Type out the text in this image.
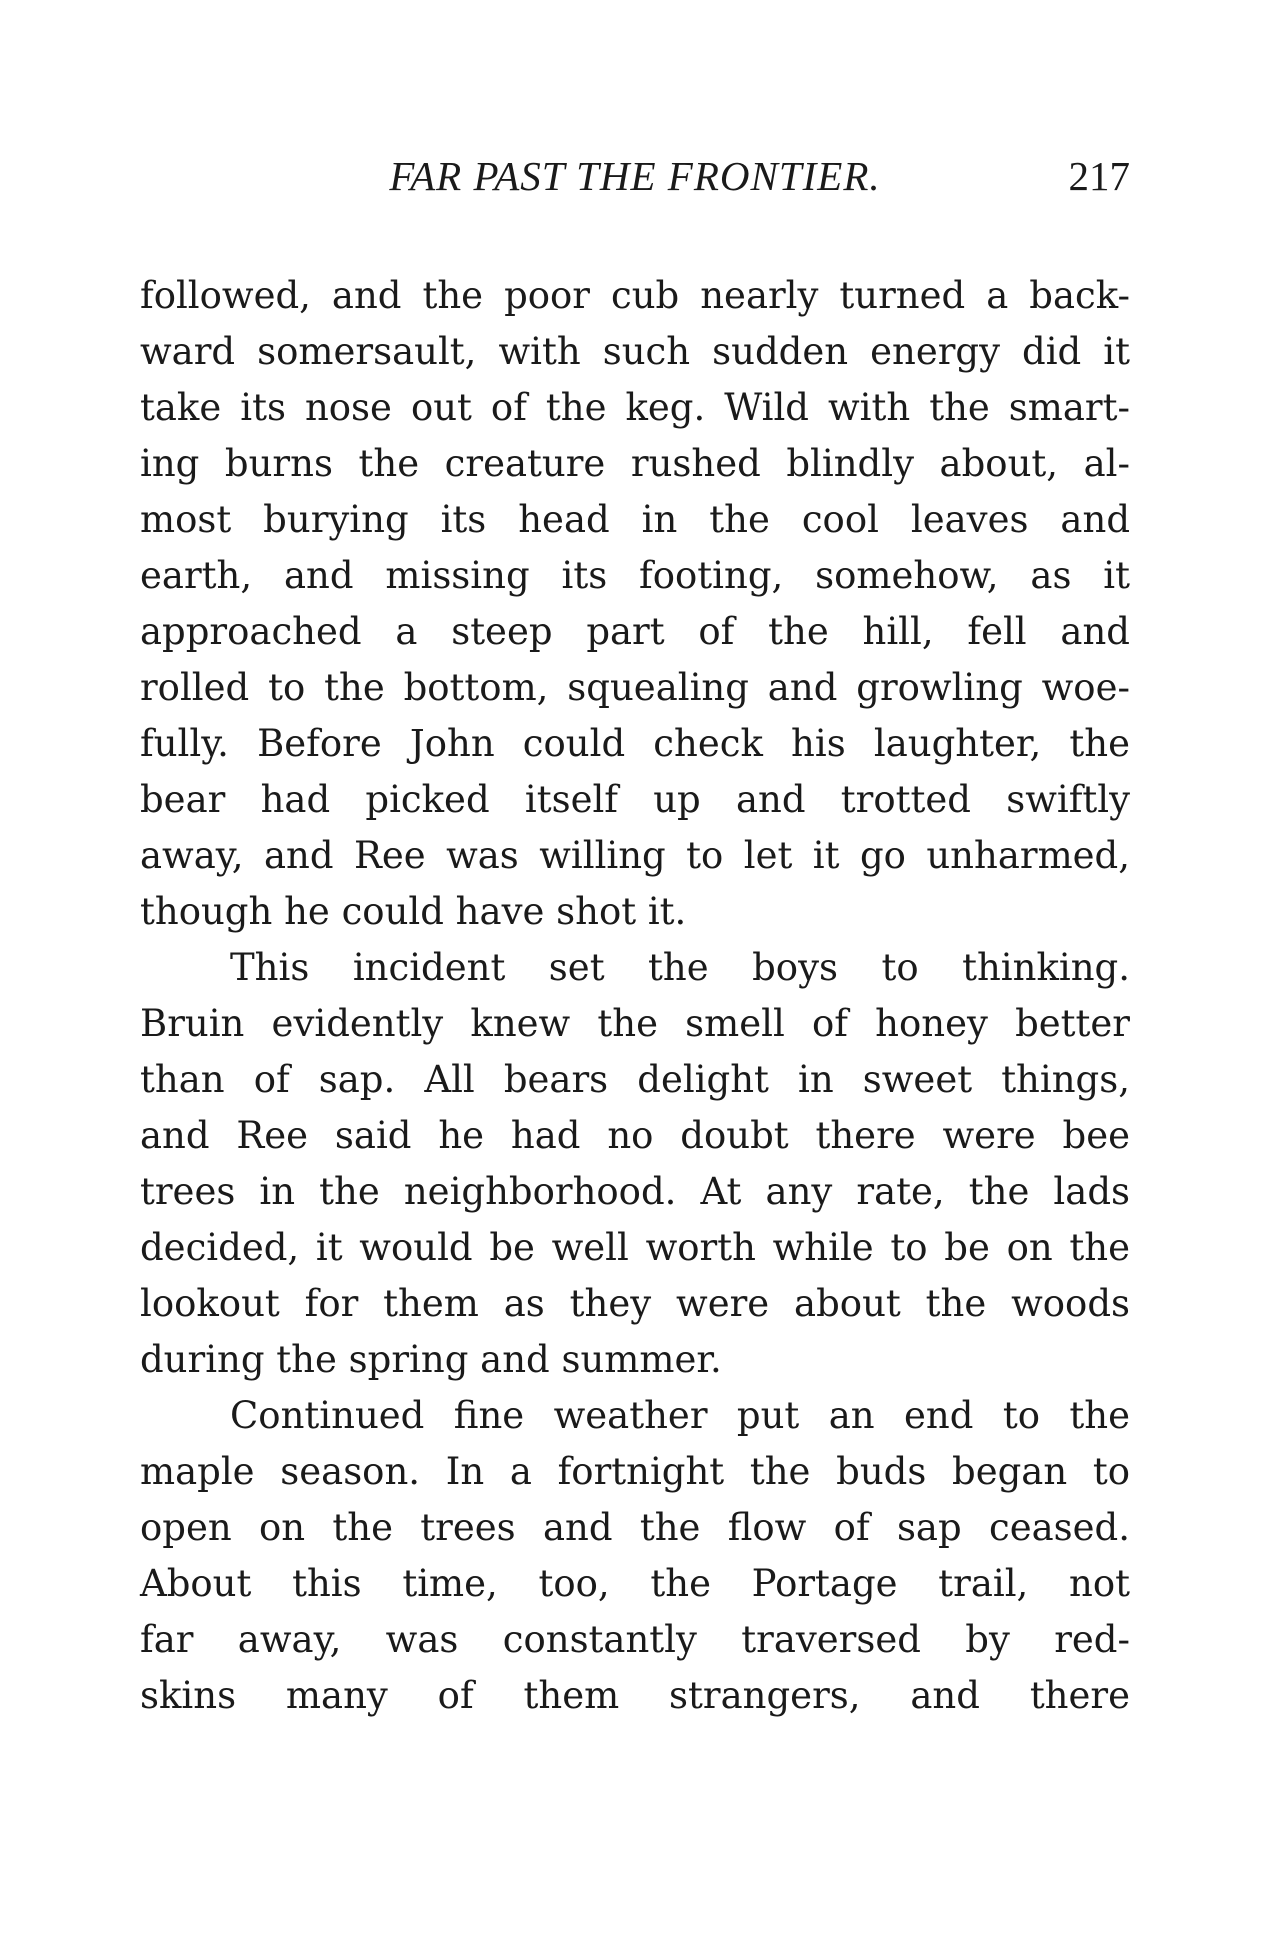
FAR PAST THE FRONTIER.	217
followed, and the poor cub nearly turned a back-
ward somersault, with such sudden energy did it
take its nose out of the keg. Wild with the smart-
ing burns the creature rushed blindly about, al-
most burying its head in the cool leaves and
earth, and missing its footing, somehow, as it
approached a steep part of the hill, fell and
rolled to the bottom, squealing and growling woe-
fully. Before John could check his laughter, the
bear had picked itself up and trotted swiftly
away, and Ree was willing to let it go unharmed,
though he could have shot it.
This incident set the boys to thinking.
Bruin evidently knew the smell of honey better
than of sap. All bears delight in sweet things,
and Ree said he had no doubt there were bee
trees in the neighborhood. At any rate, the lads
decided, it would be well worth while to be on the
lookout for them as they were about the woods
during the spring and summer.
Continued fine weather put an end to the
maple season. In a fortnight the buds began to
open on the trees and the flow of sap ceased.
About this time, too, the Portage trail, not
far away, was constantly traversed by red-
skins many of them strangers, and there
